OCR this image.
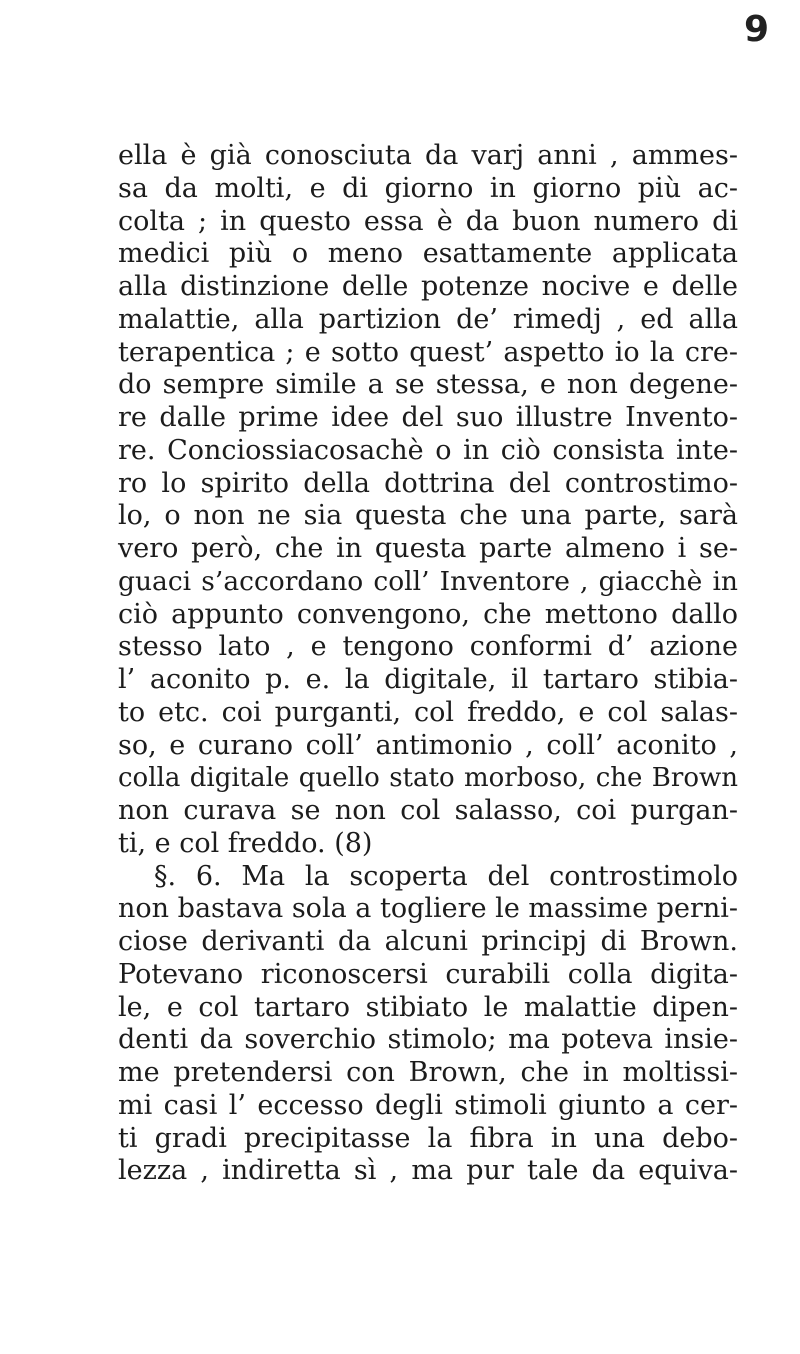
9
ella è già conosciuta da varj anni , ammes-
sa da molti, e di giorno in giorno più ac-
colta ; in questo essa è da buon numero di
medici più o meno esattamente applicata
alla distinzione delle potenze nocive e delle
malattie, alla partizion de’ rimedj , ed alla
terapentica ; e sotto quest’ aspetto io la cre-
do sempre simile a se stessa, e non degene-
re dalle prime idee del suo illustre Invento-
re. Conciossiacosachè o in ciò consista inte-
ro lo spirito della dottrina del controstimo-
lo, o non ne sia questa che una parte, sarà
vero però, che in questa parte almeno i se-
guaci s’accordano coll’ Inventore , giacchè in
ciò appunto convengono, che mettono dallo
stesso lato , e tengono conformi d’ azione
l’ aconito p. e. la digitale, il tartaro stibia-
to etc. coi purganti, col freddo, e col salas-
so, e curano coll’ antimonio , coll’ aconito ,
colla digitale quello stato morboso, che Brown
non curava se non col salasso, coi purgan-
ti, e col freddo. (8)
§. 6. Ma la scoperta del controstimolo
non bastava sola a togliere le massime perni-
ciose derivanti da alcuni principj di Brown.
Potevano riconoscersi curabili colla digita-
le, e col tartaro stibiato le malattie dipen-
denti da soverchio stimolo; ma poteva insie-
me pretendersi con Brown, che in moltissi-
mi casi l’ eccesso degli stimoli giunto a cer-
ti gradi precipitasse la fibra in una debo-
lezza , indiretta sì , ma pur tale da equiva-
